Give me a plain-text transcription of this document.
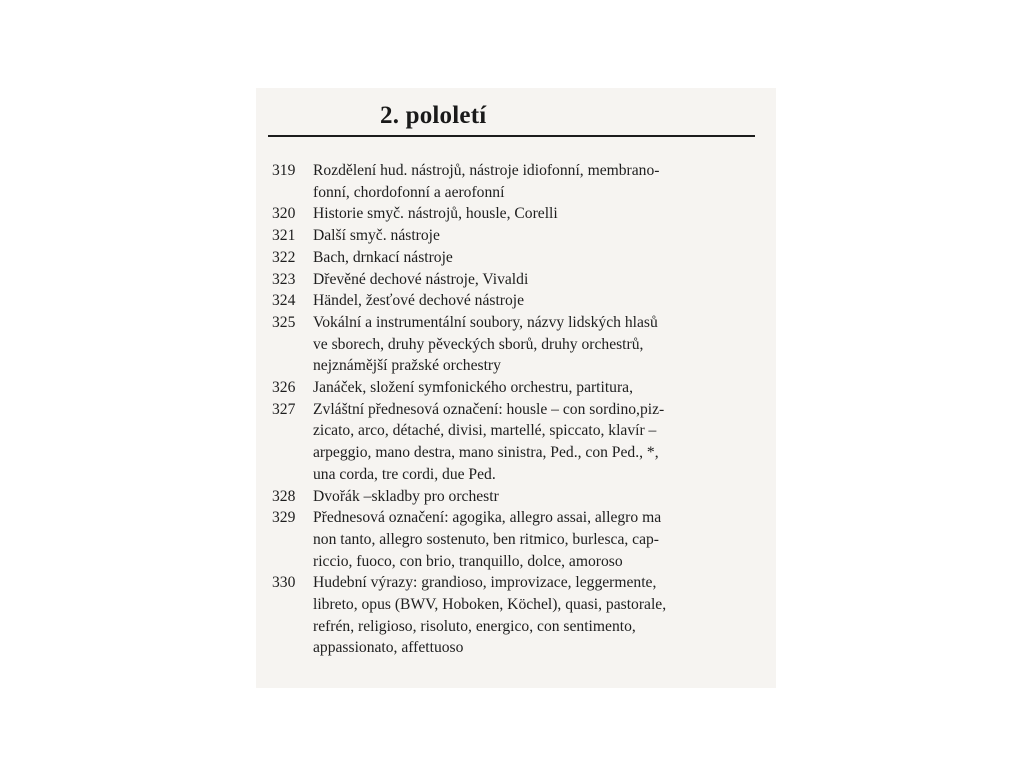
2. pololetí
319	Rozdělení hud. nástrojů, nástroje idiofonní, membrano-
fonní, chordofonní a aerofonní
320	Historie smyč. nástrojů, housle, Corelli
321	Další smyč. nástroje
322	Bach, drnkací nástroje
323	Dřevěné dechové nástroje, Vivaldi
324	Händel, žesťové dechové nástroje
325	Vokální a instrumentální soubory, názvy lidských hlasů
ve sborech, druhy pěveckých sborů, druhy orchestrů,
nejznámější pražské orchestry
326	Janáček, složení symfonického orchestru, partitura,
327	Zvláštní přednesová označení: housle – con sordino,piz-
zicato, arco, détaché, divisi, martellé, spiccato, klavír –
arpeggio, mano destra, mano sinistra, Ped., con Ped., *,
una corda, tre cordi, due Ped.
328	Dvořák –skladby pro orchestr
329	Přednesová označení: agogika, allegro assai, allegro ma
non tanto, allegro sostenuto, ben ritmico, burlesca, cap-
riccio, fuoco, con brio, tranquillo, dolce, amoroso
330	Hudební výrazy: grandioso, improvizace, leggermente,
libreto, opus (BWV, Hoboken, Köchel), quasi, pastorale,
refrén, religioso, risoluto, energico, con sentimento,
appassionato, affettuoso
